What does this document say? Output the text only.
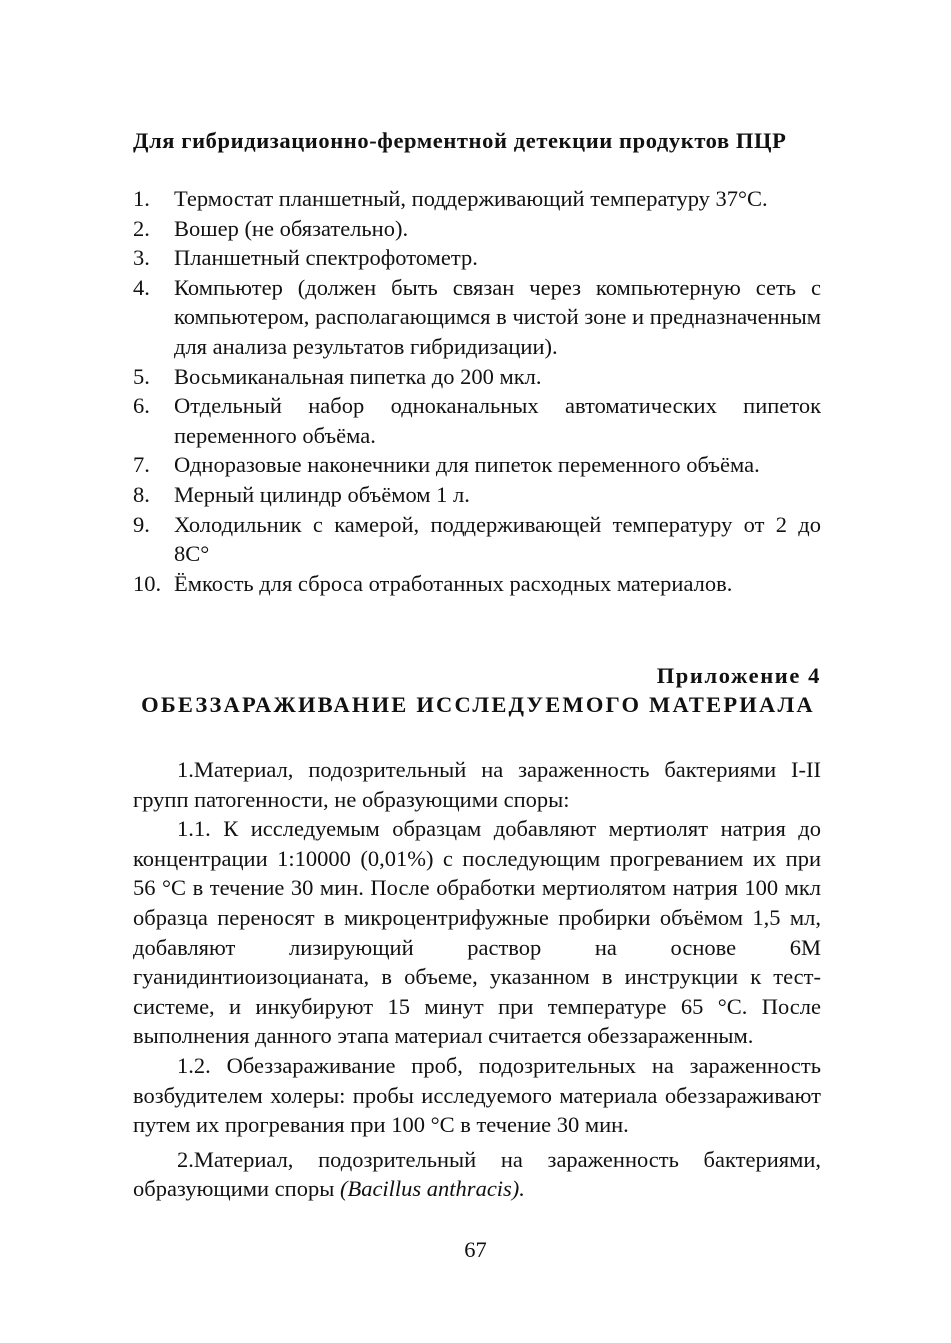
Для гибридизационно-ферментной детекции продуктов ПЦР
1.	Термостат планшетный, поддерживающий температуру 37°С.
2.	Вошер (не обязательно).
3.	Планшетный спектрофотометр.
4.	Компьютер (должен быть связан через компьютерную сеть с компьютером, располагающимся в чистой зоне и предназначенным для анализа результатов гибридизации).
5.	Восьмиканальная пипетка до 200 мкл.
6.	Отдельный набор одноканальных автоматических пипеток переменного объёма.
7.	Одноразовые наконечники для пипеток переменного объёма.
8.	Мерный цилиндр объёмом 1 л.
9.	Холодильник с камерой, поддерживающей температуру от 2 до 8С°
10. Ёмкость для сброса отработанных расходных материалов.
Приложение 4
ОБЕЗЗАРАЖИВАНИЕ ИССЛЕДУЕМОГО МАТЕРИАЛА

1.Материал, подозрительный на зараженность бактериями I-II групп патогенности, не образующими споры:

1.1. К исследуемым образцам добавляют мертиолят натрия до концентрации 1:10000 (0,01%) с последующим прогреванием их при 56 °С в течение 30 мин. После обработки мертиолятом натрия 100 мкл образца переносят в микроцентрифужные пробирки объёмом 1,5 мл, добавляют лизирующий раствор на основе 6М гуанидинтиоизоцианата, в объеме, указанном в инструкции к тест-системе, и инкубируют 15 минут при температуре 65 °С. После выполнения данного этапа материал считается обеззараженным.

1.2. Обеззараживание проб, подозрительных на зараженность возбудителем холеры: пробы исследуемого материала обеззараживают путем их прогревания при 100 °С в течение 30 мин.

2.Материал, подозрительный на зараженность бактериями, образующими споры (Bacillus anthracis).

67
